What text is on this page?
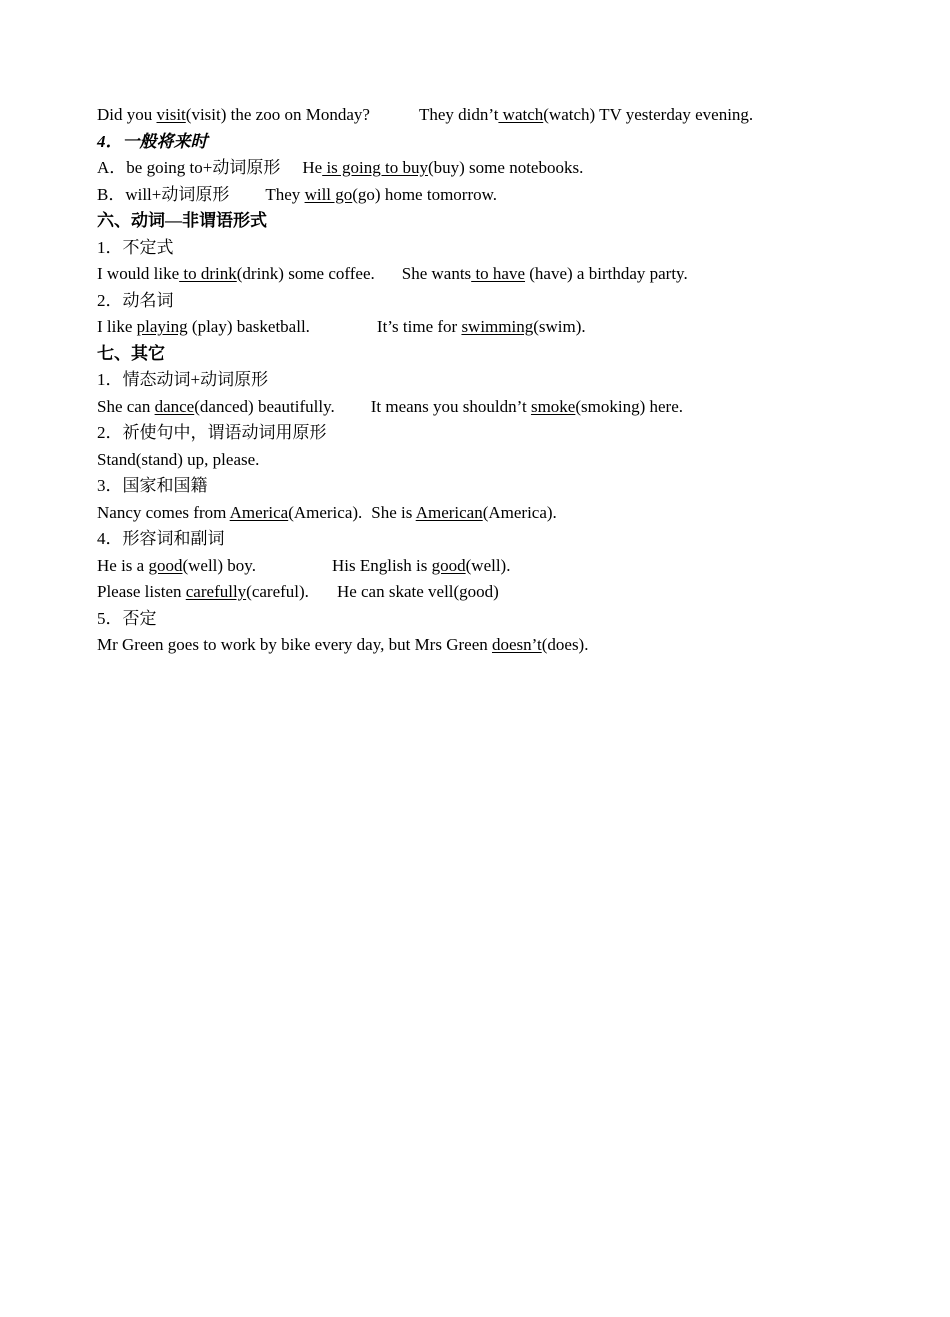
Did you visit(visit) the zoo on Monday?	They didn’t watch(watch) TV yesterday evening.
4．一般将来时
A．be going to+动词原形 He is going to buy(buy) some notebooks.
B．will+动词原形 They will go(go) home tomorrow.
六、动词—非谓语形式
1．不定式
I would like to drink(drink) some coffee. She wants to have (have) a birthday party.
2．动名词
I like playing (play) basketball.	It’s time for swimming(swim).
七、其它
1．情态动词+动词原形
She can dance(danced) beautifully. It means you shouldn’t smoke(smoking) here.
2．祈使句中，谓语动词用原形
Stand(stand) up, please.
3．国家和国籍
Nancy comes from America(America). She is American(America).
4．形容词和副词
He is a good(well) boy.	His English is good(well).
Please listen carefully(careful). He can skate vell(good)
5．否定
Mr Green goes to work by bike every day, but Mrs Green doesn’t(does).
